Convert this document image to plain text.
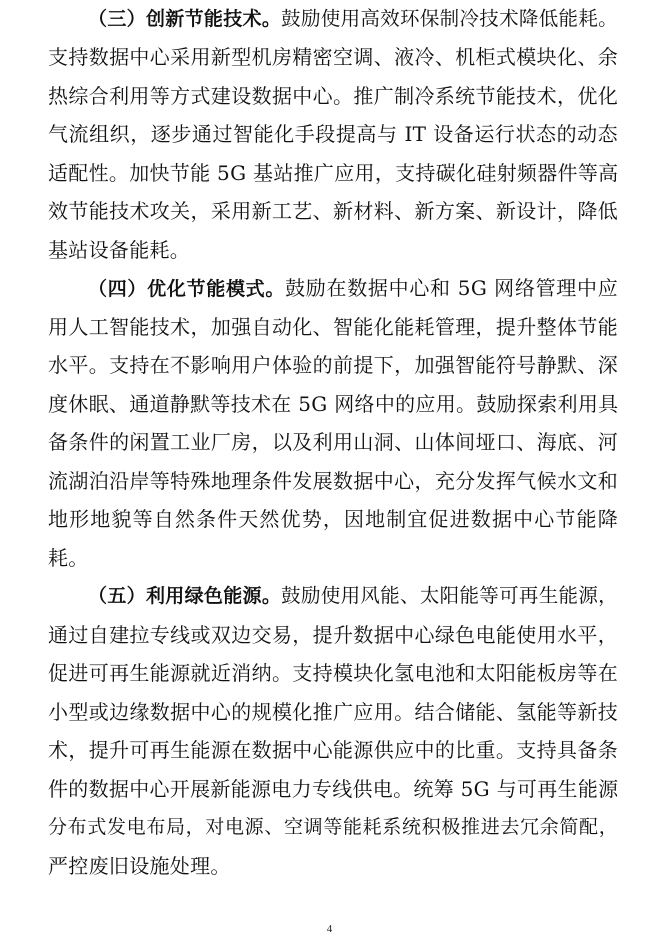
（三）创新节能技术。鼓励使用高效环保制冷技术降低能耗。
支持数据中心采用新型机房精密空调、液冷、机柜式模块化、余
热综合利用等方式建设数据中心。推广制冷系统节能技术，优化
气流组织，逐步通过智能化手段提高与 IT 设备运行状态的动态
适配性。加快节能 5G 基站推广应用，支持碳化硅射频器件等高
效节能技术攻关，采用新工艺、新材料、新方案、新设计，降低
基站设备能耗。
（四）优化节能模式。鼓励在数据中心和 5G 网络管理中应
用人工智能技术，加强自动化、智能化能耗管理，提升整体节能
水平。支持在不影响用户体验的前提下，加强智能符号静默、深
度休眠、通道静默等技术在 5G 网络中的应用。鼓励探索利用具
备条件的闲置工业厂房，以及利用山洞、山体间垭口、海底、河
流湖泊沿岸等特殊地理条件发展数据中心，充分发挥气候水文和
地形地貌等自然条件天然优势，因地制宜促进数据中心节能降
耗。
（五）利用绿色能源。鼓励使用风能、太阳能等可再生能源，
通过自建拉专线或双边交易，提升数据中心绿色电能使用水平，
促进可再生能源就近消纳。支持模块化氢电池和太阳能板房等在
小型或边缘数据中心的规模化推广应用。结合储能、氢能等新技
术，提升可再生能源在数据中心能源供应中的比重。支持具备条
件的数据中心开展新能源电力专线供电。统筹 5G 与可再生能源
分布式发电布局，对电源、空调等能耗系统积极推进去冗余简配，
严控废旧设施处理。
4
